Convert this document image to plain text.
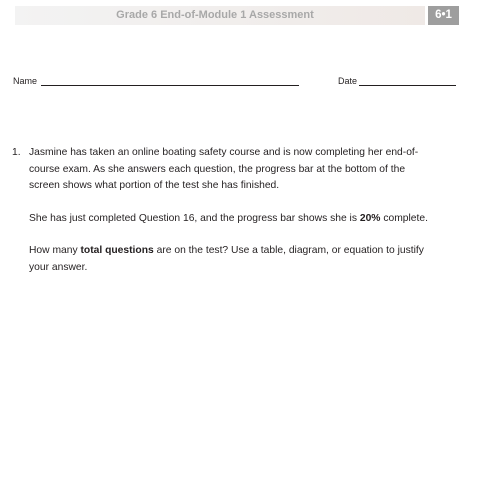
Grade 6 End-of-Module 1 Assessment	6•1
Name	Date
1. Jasmine has taken an online boating safety course and is now completing her end-of-
course exam. As she answers each question, the progress bar at the bottom of the
screen shows what portion of the test she has finished.

She has just completed Question 16, and the progress bar shows she is 20% complete.

How many total questions are on the test? Use a table, diagram, or equation to justify
your answer.
